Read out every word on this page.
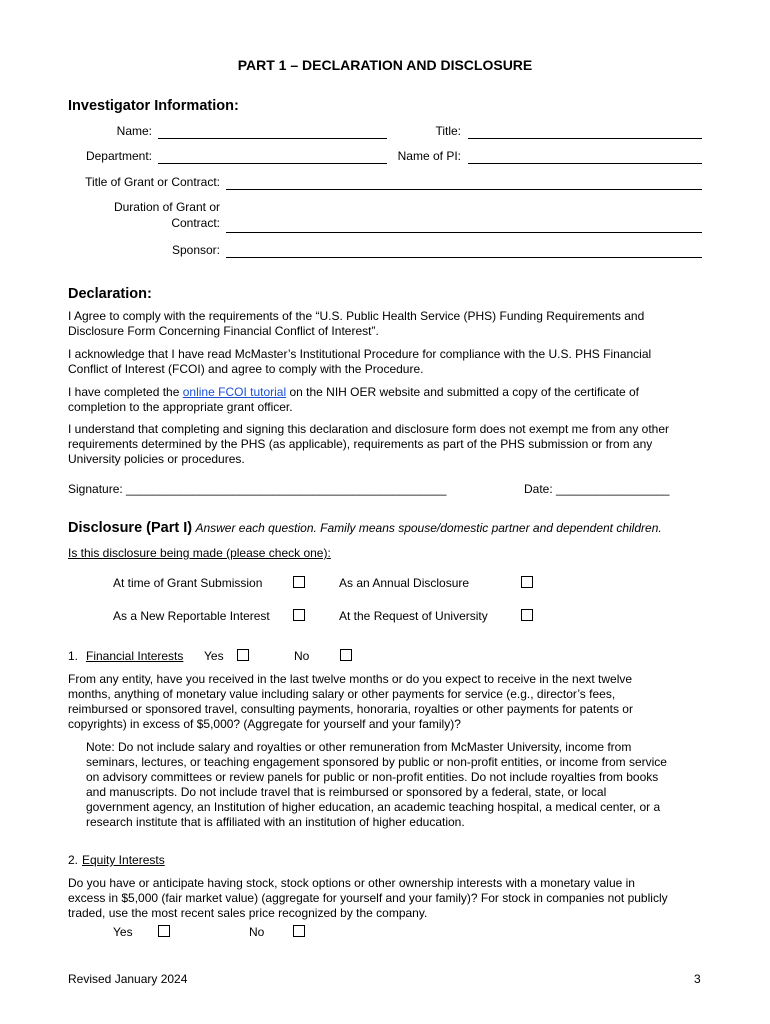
PART 1 – DECLARATION AND DISCLOSURE
Investigator Information:
Name:	Title:
Department:	Name of PI:
Title of Grant or Contract:
Duration of Grant or
Contract:
Sponsor:
Declaration:
I Agree to comply with the requirements of the “U.S. Public Health Service (PHS) Funding Requirements and
Disclosure Form Concerning Financial Conflict of Interest”.
I acknowledge that I have read McMaster’s Institutional Procedure for compliance with the U.S. PHS Financial
Conflict of Interest (FCOI) and agree to comply with the Procedure.
I have completed the online FCOI tutorial on the NIH OER website and submitted a copy of the certificate of
completion to the appropriate grant officer.
I understand that completing and signing this declaration and disclosure form does not exempt me from any other
requirements determined by the PHS (as applicable), requirements as part of the PHS submission or from any
University policies or procedures.
Signature: ________________________________________________	Date: _________________
Disclosure (Part I) Answer each question. Family means spouse/domestic partner and dependent children.
Is this disclosure being made (please check one):
At time of Grant Submission	As an Annual Disclosure
As a New Reportable Interest	At the Request of University
1. Financial Interests Yes	No
From any entity, have you received in the last twelve months or do you expect to receive in the next twelve
months, anything of monetary value including salary or other payments for service (e.g., director’s fees,
reimbursed or sponsored travel, consulting payments, honoraria, royalties or other payments for patents or
copyrights) in excess of $5,000? (Aggregate for yourself and your family)?
Note: Do not include salary and royalties or other remuneration from McMaster University, income from
seminars, lectures, or teaching engagement sponsored by public or non-profit entities, or income from service
on advisory committees or review panels for public or non-profit entities. Do not include royalties from books
and manuscripts. Do not include travel that is reimbursed or sponsored by a federal, state, or local
government agency, an Institution of higher education, an academic teaching hospital, a medical center, or a
research institute that is affiliated with an institution of higher education.
2. Equity Interests
Do you have or anticipate having stock, stock options or other ownership interests with a monetary value in
excess in $5,000 (fair market value) (aggregate for yourself and your family)? For stock in companies not publicly
traded, use the most recent sales price recognized by the company.
Yes	No
Revised January 2024	3
